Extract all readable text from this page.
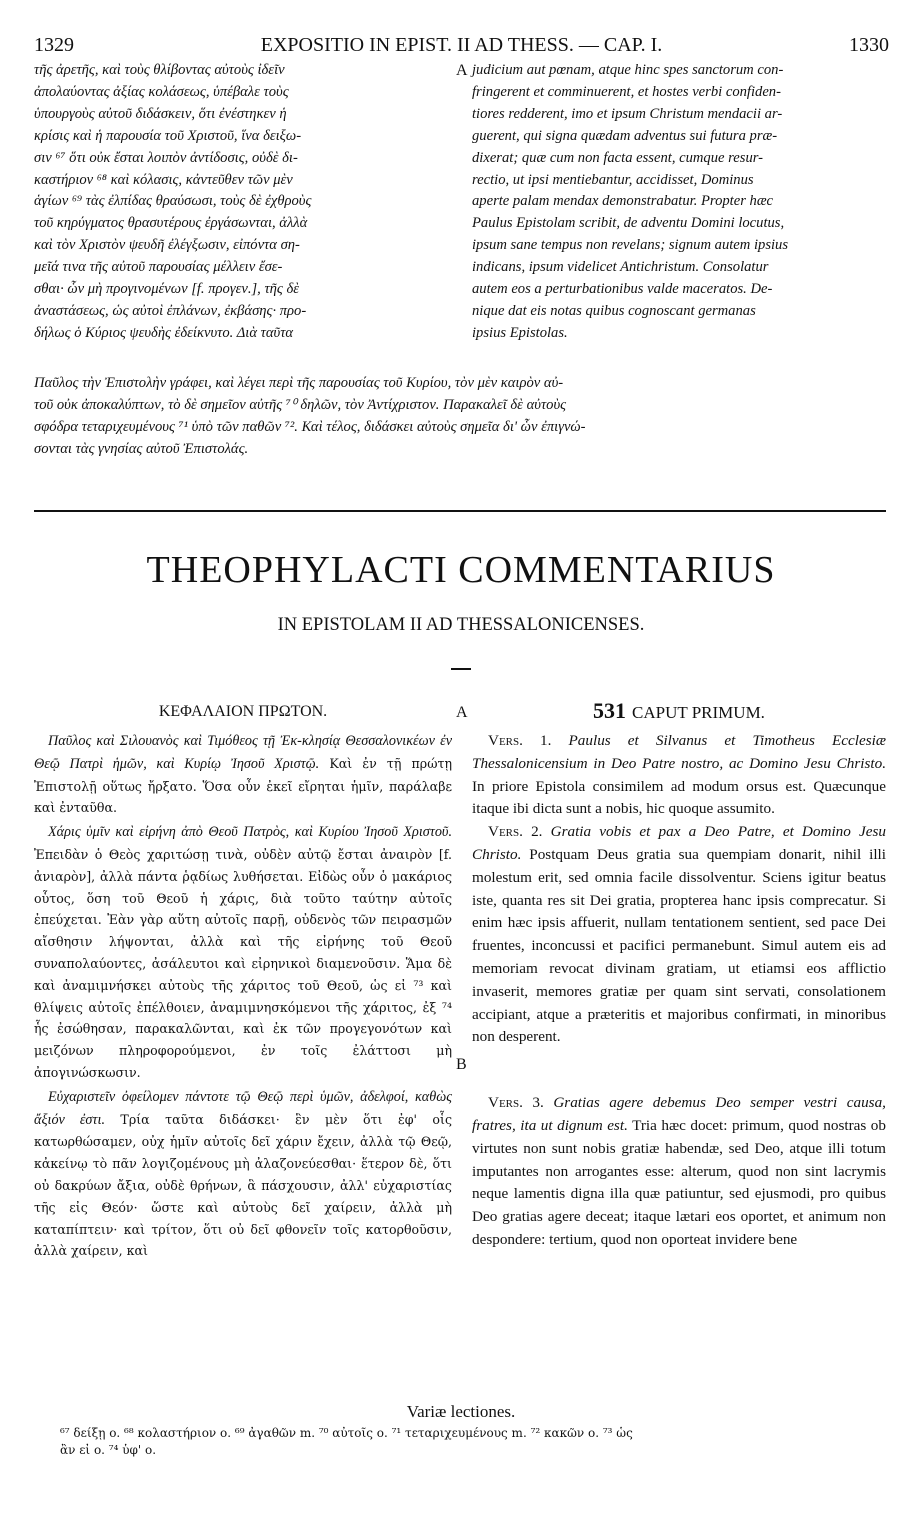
1329	EXPOSITIO IN EPIST. II AD THESS. — CAP. I.	1330
τῆς ἀρετῆς, καὶ τοὺς θλίβοντας αὐτοὺς ἰδεῖν
ἀπολαύοντας ἀξίας κολάσεως, ὑπέβαλε τοὺς
ὑπουργοὺς αὐτοῦ διδάσκειν, ὅτι ἐνέστηκεν ἡ
κρίσις καὶ ἡ παρουσία τοῦ Χριστοῦ, ἵνα δειξω-
σιν ⁶⁷ ὅτι οὐκ ἔσται λοιπὸν ἀντίδοσις, οὐδὲ δι-
καστήριον ⁶⁸ καὶ κόλασις, κἀντεῦθεν τῶν μὲν
ἁγίων ⁶⁹ τὰς ἐλπίδας θραύσωσι, τοὺς δὲ ἐχθροὺς
τοῦ κηρύγματος θρασυτέρους ἐργάσωνται, ἀλλὰ
καὶ τὸν Χριστὸν ψευδῆ ἐλέγξωσιν, εἰπόντα ση-
μεῖά τινα τῆς αὐτοῦ παρουσίας μέλλειν ἔσε-
σθαι· ὧν μὴ προγινομένων [f. προγεν.], τῆς δὲ
ἀναστάσεως, ὡς αὐτοὶ ἐπλάνων, ἐκβάσης· προ-
δήλως ὁ Κύριος ψευδὴς ἐδείκνυτο. Διὰ ταῦτα
A judicium aut pœnam, atque hinc spes sanctorum con-
fringerent et comminuerent, et hostes verbi confiden-
tiores redderent, imo et ipsum Christum mendacii ar-
guerent, qui signa quædam adventus sui futura præ-
dixerat; quæ cum non facta essent, cumque resur-
rectio, ut ipsi mentiebantur, accidisset, Dominus
aperte palam mendax demonstrabatur. Propter hæc
Paulus Epistolam scribit, de adventu Domini locutus,
ipsum sane tempus non revelans; signum autem ipsius
indicans, ipsum videlicet Antichristum. Consolatur
autem eos a perturbationibus valde maceratos. De-
nique dat eis notas quibus cognoscant germanas
ipsius Epistolas.
Παῦλος τὴν Ἐπιστολὴν γράφει, καὶ λέγει περὶ τῆς παρουσίας τοῦ Κυρίου, τὸν μὲν καιρὸν αὐ-
τοῦ οὐκ ἀποκαλύπτων, τὸ δὲ σημεῖον αὐτῆς ⁷⁰ δηλῶν, τὸν Ἀντίχριστον. Παρακαλεῖ δὲ αὐτοὺς
σφόδρα τεταριχευμένους ⁷¹ ὑπὸ τῶν παθῶν ⁷². Καὶ τέλος, διδάσκει αὐτοὺς σημεῖα δι' ὧν ἐπιγνώ-
σονται τὰς γνησίας αὐτοῦ Ἐπιστολάς.
THEOPHYLACTI COMMENTARIUS
IN EPISTOLAM II AD THESSALONICENSES.
ΚΕΦΑΛΑΙΟΝ ΠΡΩΤΟΝ.	A	531 CAPUT PRIMUM.

Παῦλος καὶ Σιλουανὸς καὶ Τιμόθεος τῇ Ἐκ-κλησίᾳ Θεσσαλονικέων ἐν Θεῷ Πατρὶ ἡμῶν, καὶ Κυρίῳ Ἰησοῦ Χριστῷ. Καὶ ἐν τῇ πρώτῃ Ἐπιστολῇ οὕτως ἤρξατο. Ὅσα οὖν ἐκεῖ εἴρηται ἡμῖν, παράλαβε καὶ ἐνταῦθα.

Χάρις ὑμῖν καὶ εἰρήνη ἀπὸ Θεοῦ Πατρὸς, καὶ Κυρίου Ἰησοῦ Χριστοῦ. Ἐπειδὰν ὁ Θεὸς χαριτώσῃ τινὰ, οὐδὲν αὐτῷ ἔσται ἀναιρὸν [f. ἀνιαρὸν], ἀλλὰ πάντα ῥᾳδίως λυθήσεται. Εἰδὼς οὖν ὁ μακάριος οὗτος, ὅση τοῦ Θεοῦ ἡ χάρις, διὰ τοῦτο ταύτην αὐτοῖς ἐπεύχεται. Ἐὰν γὰρ αὕτη αὐτοῖς παρῇ, οὐδενὸς τῶν πειρασμῶν αἴσθησιν λήψονται, ἀλλὰ καὶ τῆς εἰρήνης τοῦ Θεοῦ συναπολαύοντες, ἀσάλευτοι καὶ εἰρηνικοὶ διαμενοῦσιν. Ἅμα δὲ καὶ ἀναμιμνήσκει αὐτοὺς τῆς χάριτος τοῦ Θεοῦ, ὡς εἰ ⁷³ καὶ θλίψεις αὐτοῖς ἐπέλθοιεν, ἀναμιμνησκόμενοι τῆς χάριτος, ἐξ ⁷⁴ ἧς ἐσώθησαν, παρακαλῶνται, καὶ ἐκ τῶν προγεγονότων καὶ μειζόνων πληροφορούμενοι, ἐν τοῖς ἐλάττοσι μὴ ἀπογινώσκωσιν.

Εὐχαριστεῖν ὀφείλομεν πάντοτε τῷ Θεῷ περὶ ὑμῶν, ἀδελφοί, καθὼς ἄξιόν ἐστι. Τρία ταῦτα διδάσκει· ἓν μὲν ὅτι ἐφ' οἷς κατωρθώσαμεν, οὐχ ἡμῖν αὐτοῖς δεῖ χάριν ἔχειν, ἀλλὰ τῷ Θεῷ, κἀκείνῳ τὸ πᾶν λογιζομένους μὴ ἀλαζονεύεσθαι· ἕτερον δὲ, ὅτι οὐ δακρύων ἄξια, οὐδὲ θρήνων, ἃ πάσχουσιν, ἀλλ' εὐχαριστίας τῆς εἰς Θεόν· ὥστε καὶ αὐτοὺς δεῖ χαίρειν, ἀλλὰ μὴ καταπίπτειν· καὶ τρίτον, ὅτι οὐ δεῖ φθονεῖν τοῖς κατορθοῦσιν, ἀλλὰ χαίρειν, καὶ

B

Vers. 1. Paulus et Silvanus et Timotheus Ecclesiæ Thessalonicensium in Deo Patre nostro, ac Domino Jesu Christo. In priore Epistola consimilem ad modum orsus est. Quæcunque itaque ibi dicta sunt a nobis, hic quoque assumito.

Vers. 2. Gratia vobis et pax a Deo Patre, et Domino Jesu Christo. Postquam Deus gratia sua quempiam donarit, nihil illi molestum erit, sed omnia facile dissolventur. Sciens igitur beatus iste, quanta res sit Dei gratia, propterea hanc ipsis comprecatur. Si enim hæc ipsis affuerit, nullam tentationem sentient, sed pace Dei fruentes, inconcussi et pacifici permanebunt. Simul autem eis ad memoriam revocat divinam gratiam, ut etiamsi eos afflictio invaserit, memores gratiæ per quam sint servati, consolationem accipiant, atque a præteritis et majoribus confirmati, in minoribus non desperent.

Vers. 3. Gratias agere debemus Deo semper vestri causa, fratres, ita ut dignum est. Tria hæc docet: primum, quod nostras ob virtutes non sunt nobis gratiæ habendæ, sed Deo, atque illi totum imputantes non arrogantes esse: alterum, quod non sint lacrymis neque lamentis digna illa quæ patiuntur, sed ejusmodi, pro quibus Deo gratias agere deceat; itaque lætari eos oportet, et animum non despondere: tertium, quod non oporteat invidere bene

Variæ lectiones.
⁶⁷ δείξῃ ο. ⁶⁸ κολαστήριον ο. ⁶⁹ ἀγαθῶν m. ⁷⁰ αὐτοῖς ο. ⁷¹ τεταριχευμένους m. ⁷² κακῶν ο. ⁷³ ὡς
ἂν εἰ ο. ⁷⁴ ὑφ' ο.
